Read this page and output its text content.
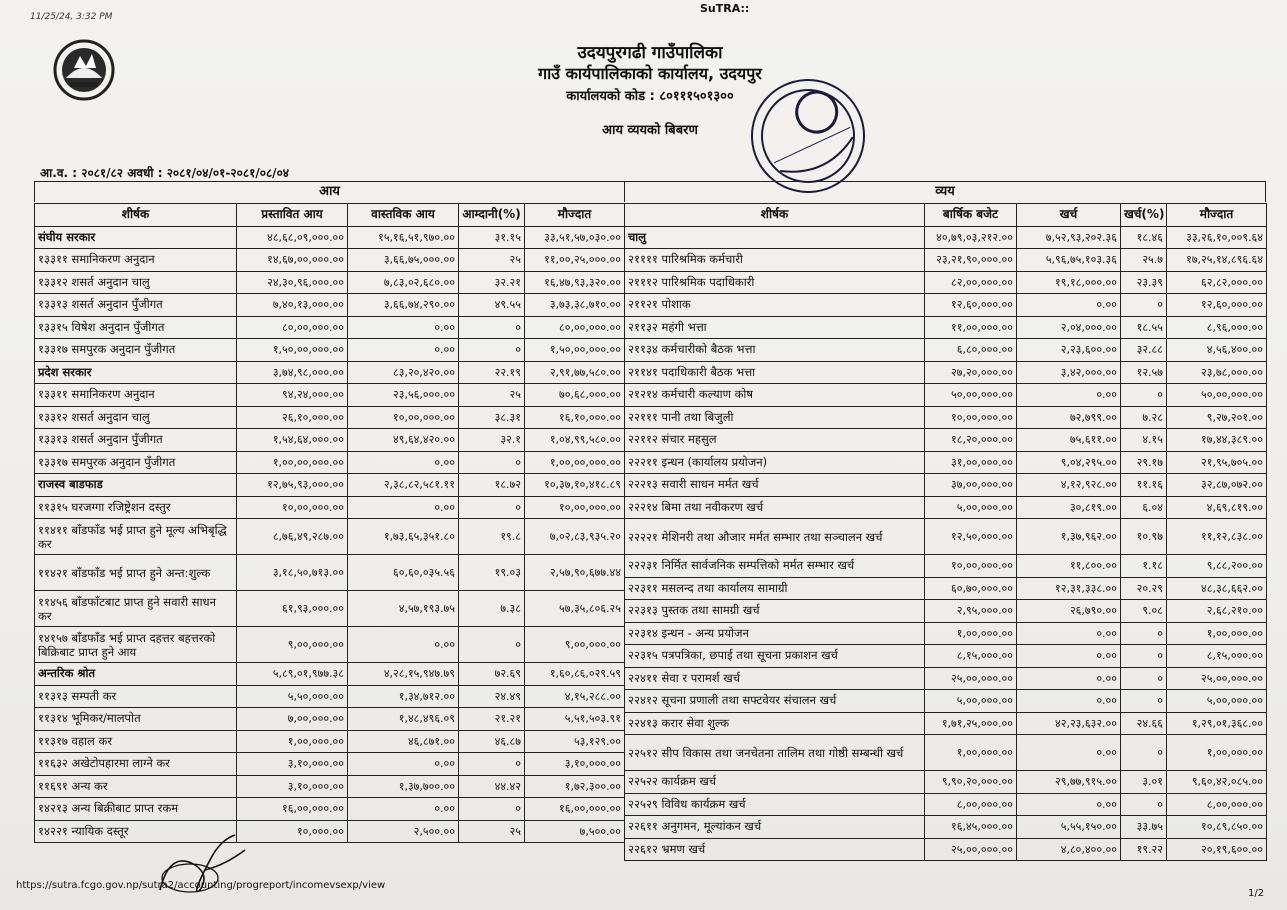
11/25/24, 3:32 PM
SuTRA::
उदयपुरगढी गाउँपालिका
गाउँ कार्यपालिकाको कार्यालय, उदयपुर
कार्यालयको कोड : ८०१११५०१३००
आय व्ययको बिबरण
आ.व. : २०८१/८२ अवधी : २०८१/०४/०१-२०८१/०८/०४
आय	व्यय
शीर्षक	प्रस्तावित आय	वास्तविक आय	आम्दानी(%)	मौज्दात
संघीय सरकार	४८,६८,०९,०००.००	१५,१६,५१,९७०.००	३१.१५	३३,५१,५७,०३०.००
१३३११ समानिकरण अनुदान	१४,६७,००,०००.००	३,६६,७५,०००.००	२५	११,००,२५,०००.००
१३३१२ शसर्त अनुदान चालु	२४,३०,९६,०००.००	७,८३,०२,६८०.००	३२.२१	१६,४७,९३,३२०.००
१३३१३ शसर्त अनुदान पुँजीगत	७,४०,१३,०००.००	३,६६,७४,२९०.००	४९.५५	३,७३,३८,७१०.००
१३३१५ विषेश अनुदान पुँजीगत	८०,००,०००.००	०.००	०	८०,००,०००.००
१३३१७ समपुरक अनुदान पुँजीगत	१,५०,००,०००.००	०.००	०	१,५०,००,०००.००
प्रदेश सरकार	३,७४,९८,०००.००	८३,२०,४२०.००	२२.१९	२,९१,७७,५८०.००
१३३११ समानिकरण अनुदान	९४,२४,०००.००	२३,५६,०००.००	२५	७०,६८,०००.००
१३३१२ शसर्त अनुदान चालु	२६,१०,०००.००	१०,००,०००.००	३८.३१	१६,१०,०००.००
१३३१३ शसर्त अनुदान पुँजीगत	१,५४,६४,०००.००	४९,६४,४२०.००	३२.१	१,०४,९९,५८०.००
१३३१७ समपुरक अनुदान पुँजीगत	१,००,००,०००.००	०.००	०	१,००,००,०००.००
राजस्व बाडफाड	१२,७५,९३,०००.००	२,३८,८२,५८१.११	१८.७२	१०,३७,१०,४१८.८९
११३१५ घरजग्गा रजिष्ट्रेशन दस्तुर	१०,००,०००.००	०.००	०	१०,००,०००.००
११४११ बाँडफाँड भई प्राप्त हुने मूल्य अभिबृद्धि कर	८,७६,४९,२८७.००	१,७३,६५,३५१.८०	१९.८	७,०२,८३,९३५.२०
११४२१ बाँडफाँड भई प्राप्त हुने अन्त:शुल्क	३,१८,५०,७१३.००	६०,६०,०३५.५६	१९.०३	२,५७,९०,६७७.४४
११४५६ बाँडफाँटबाट प्राप्त हुने सवारी साधन कर	६१,९३,०००.००	४,५७,१९३.७५	७.३८	५७,३५,८०६.२५
१४१५७ बाँडफाँड भई प्राप्त दहत्तर बहत्तरको बिक्रिबाट प्राप्त हुने आय	९,००,०००.००	०.००	०	९,००,०००.००
अन्तरिक श्रोत	५,८९,०१,९७७.३८	४,२८,१५,९४७.७९	७२.६९	१,६०,८६,०२९.५९
११३१३ सम्पती कर	५,५०,०००.००	१,३४,७१२.००	२४.४९	४,१५,२८८.००
११३१४ भूमिकर/मालपोत	७,००,०००.००	१,४८,४९६.०९	२१.२१	५,५१,५०३.९१
११३१७ वहाल कर	१,००,०००.००	४६,८७१.००	४६.८७	५३,१२९.००
११६३२ अखेटोपहारमा लाग्ने कर	३,१०,०००.००	०.००	०	३,१०,०००.००
११६९१ अन्य कर	३,१०,०००.००	१,३७,७००.००	४४.४२	१,७२,३००.००
१४२१३ अन्य बिक्रीबाट प्राप्त रकम	१६,००,०००.००	०.००	०	१६,००,०००.००
१४२२१ न्यायिक दस्तूर	१०,०००.००	२,५००.००	२५	७,५००.००
शीर्षक	बार्षिक बजेट	खर्च	खर्च(%)	मौज्दात
चालु	४०,७९,०३,२१२.००	७,५२,९३,२०२.३६	१८.४६	३३,२६,१०,००९.६४
२११११ पारिश्रमिक कर्मचारी	२३,२१,९०,०००.००	५,९६,७५,१०३.३६	२५.७	१७,२५,१४,८९६.६४
२१११२ पारिश्रमिक पदाधिकारी	८२,००,०००.००	१९,१८,०००.००	२३.३९	६२,८२,०००.००
२११२१ पोशाक	१२,६०,०००.००	०.००	०	१२,६०,०००.००
२११३२ महंगी भत्ता	११,००,०००.००	२,०४,०००.००	१८.५५	८,९६,०००.००
२११३४ कर्मचारीको बैठक भत्ता	६,८०,०००.००	२,२३,६००.००	३२.८८	४,५६,४००.००
२११४१ पदाधिकारी बैठक भत्ता	२७,२०,०००.००	३,४२,०००.००	१२.५७	२३,७८,०००.००
२१२१४ कर्मचारी कल्याण कोष	५०,००,०००.००	०.००	०	५०,००,०००.००
२२१११ पानी तथा बिजुली	१०,००,०००.००	७२,७९९.००	७.२८	९,२७,२०१.००
२२११२ संचार महसुल	१८,२०,०००.००	७५,६११.००	४.१५	१७,४४,३८९.००
२२२११ इन्धन (कार्यालय प्रयोजन)	३१,००,०००.००	९,०४,२९५.००	२९.१७	२१,९५,७०५.००
२२२१३ सवारी साधन मर्मत खर्च	३७,००,०००.००	४,१२,९२८.००	११.१६	३२,८७,०७२.००
२२२१४ बिमा तथा नवीकरण खर्च	५,००,०००.००	३०,८१९.००	६.०४	४,६९,८१९.००
२२२२१ मेशिनरी तथा औजार मर्मत सम्भार तथा सञ्चालन खर्च	१२,५०,०००.००	१,३७,९६२.००	१०.९७	११,१२,८३८.००
२२२३१ निर्मित सार्वजनिक सम्पत्तिको मर्मत सम्भार खर्च	१०,००,०००.००	११,८००.००	१.१८	९,८८,२००.००
२२३११ मसलन्द तथा कार्यालय सामाग्री	६०,७०,०००.००	१२,३१,३३८.००	२०.२९	४८,३८,६६२.००
२२३१३ पुस्तक तथा सामग्री खर्च	२,९५,०००.००	२६,७९०.००	९.०८	२,६८,२१०.००
२२३१४ इन्धन - अन्य प्रयोजन	१,००,०००.००	०.००	०	१,००,०००.००
२२३१५ पत्रपत्रिका, छपाई तथा सूचना प्रकाशन खर्च	८,१५,०००.००	०.००	०	८,१५,०००.००
२२४११ सेवा र परामर्श खर्च	२५,००,०००.००	०.००	०	२५,००,०००.००
२२४१२ सूचना प्रणाली तथा सफ्टवेयर संचालन खर्च	५,००,०००.००	०.००	०	५,००,०००.००
२२४१३ करार सेवा शुल्क	१,७१,२५,०००.००	४२,२३,६३२.००	२४.६६	१,२९,०१,३६८.००
२२५१२ सीप विकास तथा जनचेतना तालिम तथा गोष्ठी सम्बन्धी खर्च	१,००,०००.००	०.००	०	१,००,०००.००
२२५२२ कार्यक्रम खर्च	९,९०,२०,०००.००	२९,७७,९१५.००	३.०१	९,६०,४२,०८५.००
२२५२९ विविध कार्यक्रम खर्च	८,००,०००.००	०.००	०	८,००,०००.००
२२६११ अनुगमन, मूल्यांकन खर्च	१६,४५,०००.००	५,५५,१५०.००	३३.७५	१०,८९,८५०.००
२२६१२ भ्रमण खर्च	२५,००,०००.००	४,८०,४००.००	१९.२२	२०,१९,६००.००
https://sutra.fcgo.gov.np/sutra2/accounting/progreport/incomevsexp/view
1/2
